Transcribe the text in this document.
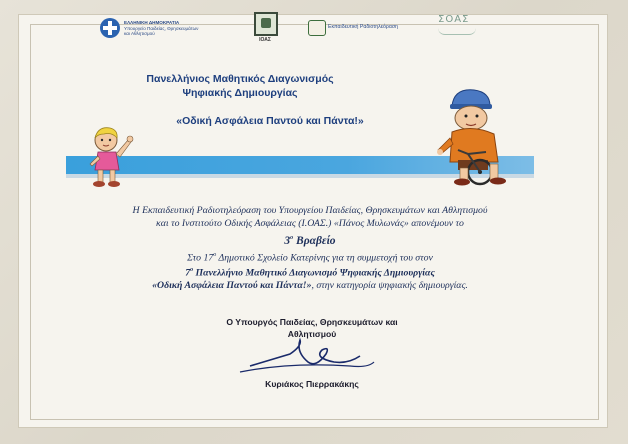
ΕΛΛΗΝΙΚΗ ΔΗΜΟΚΡΑΤΙΑ
Υπουργείο Παιδείας, Θρησκευμάτων
και Αθλητισμού
ΙΟΑΣ
Εκπαιδευτική Ραδιοτηλεόραση
ΣΟΑΣ
Πανελλήνιος Μαθητικός Διαγωνισμός
Ψηφιακής Δημιουργίας
«Οδική Ασφάλεια Παντού και Πάντα!»
Η Εκπαιδευτική Ραδιοτηλεόραση του Υπουργείου Παιδείας, Θρησκευμάτων και Αθλητισμού
και το Ινστιτούτο Οδικής Ασφάλειας (Ι.ΟΑΣ.) «Πάνος Μυλωνάς» απονέμουν το
$3^o$ Βραβείο
Στο $17^o$ Δημοτικό Σχολείο Κατερίνης για τη συμμετοχή του στον
$7^o$ Πανελλήνιο Μαθητικό Διαγωνισμό Ψηφιακής Δημιουργίας
«Οδική Ασφάλεια Παντού και Πάντα!», στην κατηγορία ψηφιακής δημιουργίας.
Ο Υπουργός Παιδείας, Θρησκευμάτων και
Αθλητισμού
Κυριάκος Πιερρακάκης
